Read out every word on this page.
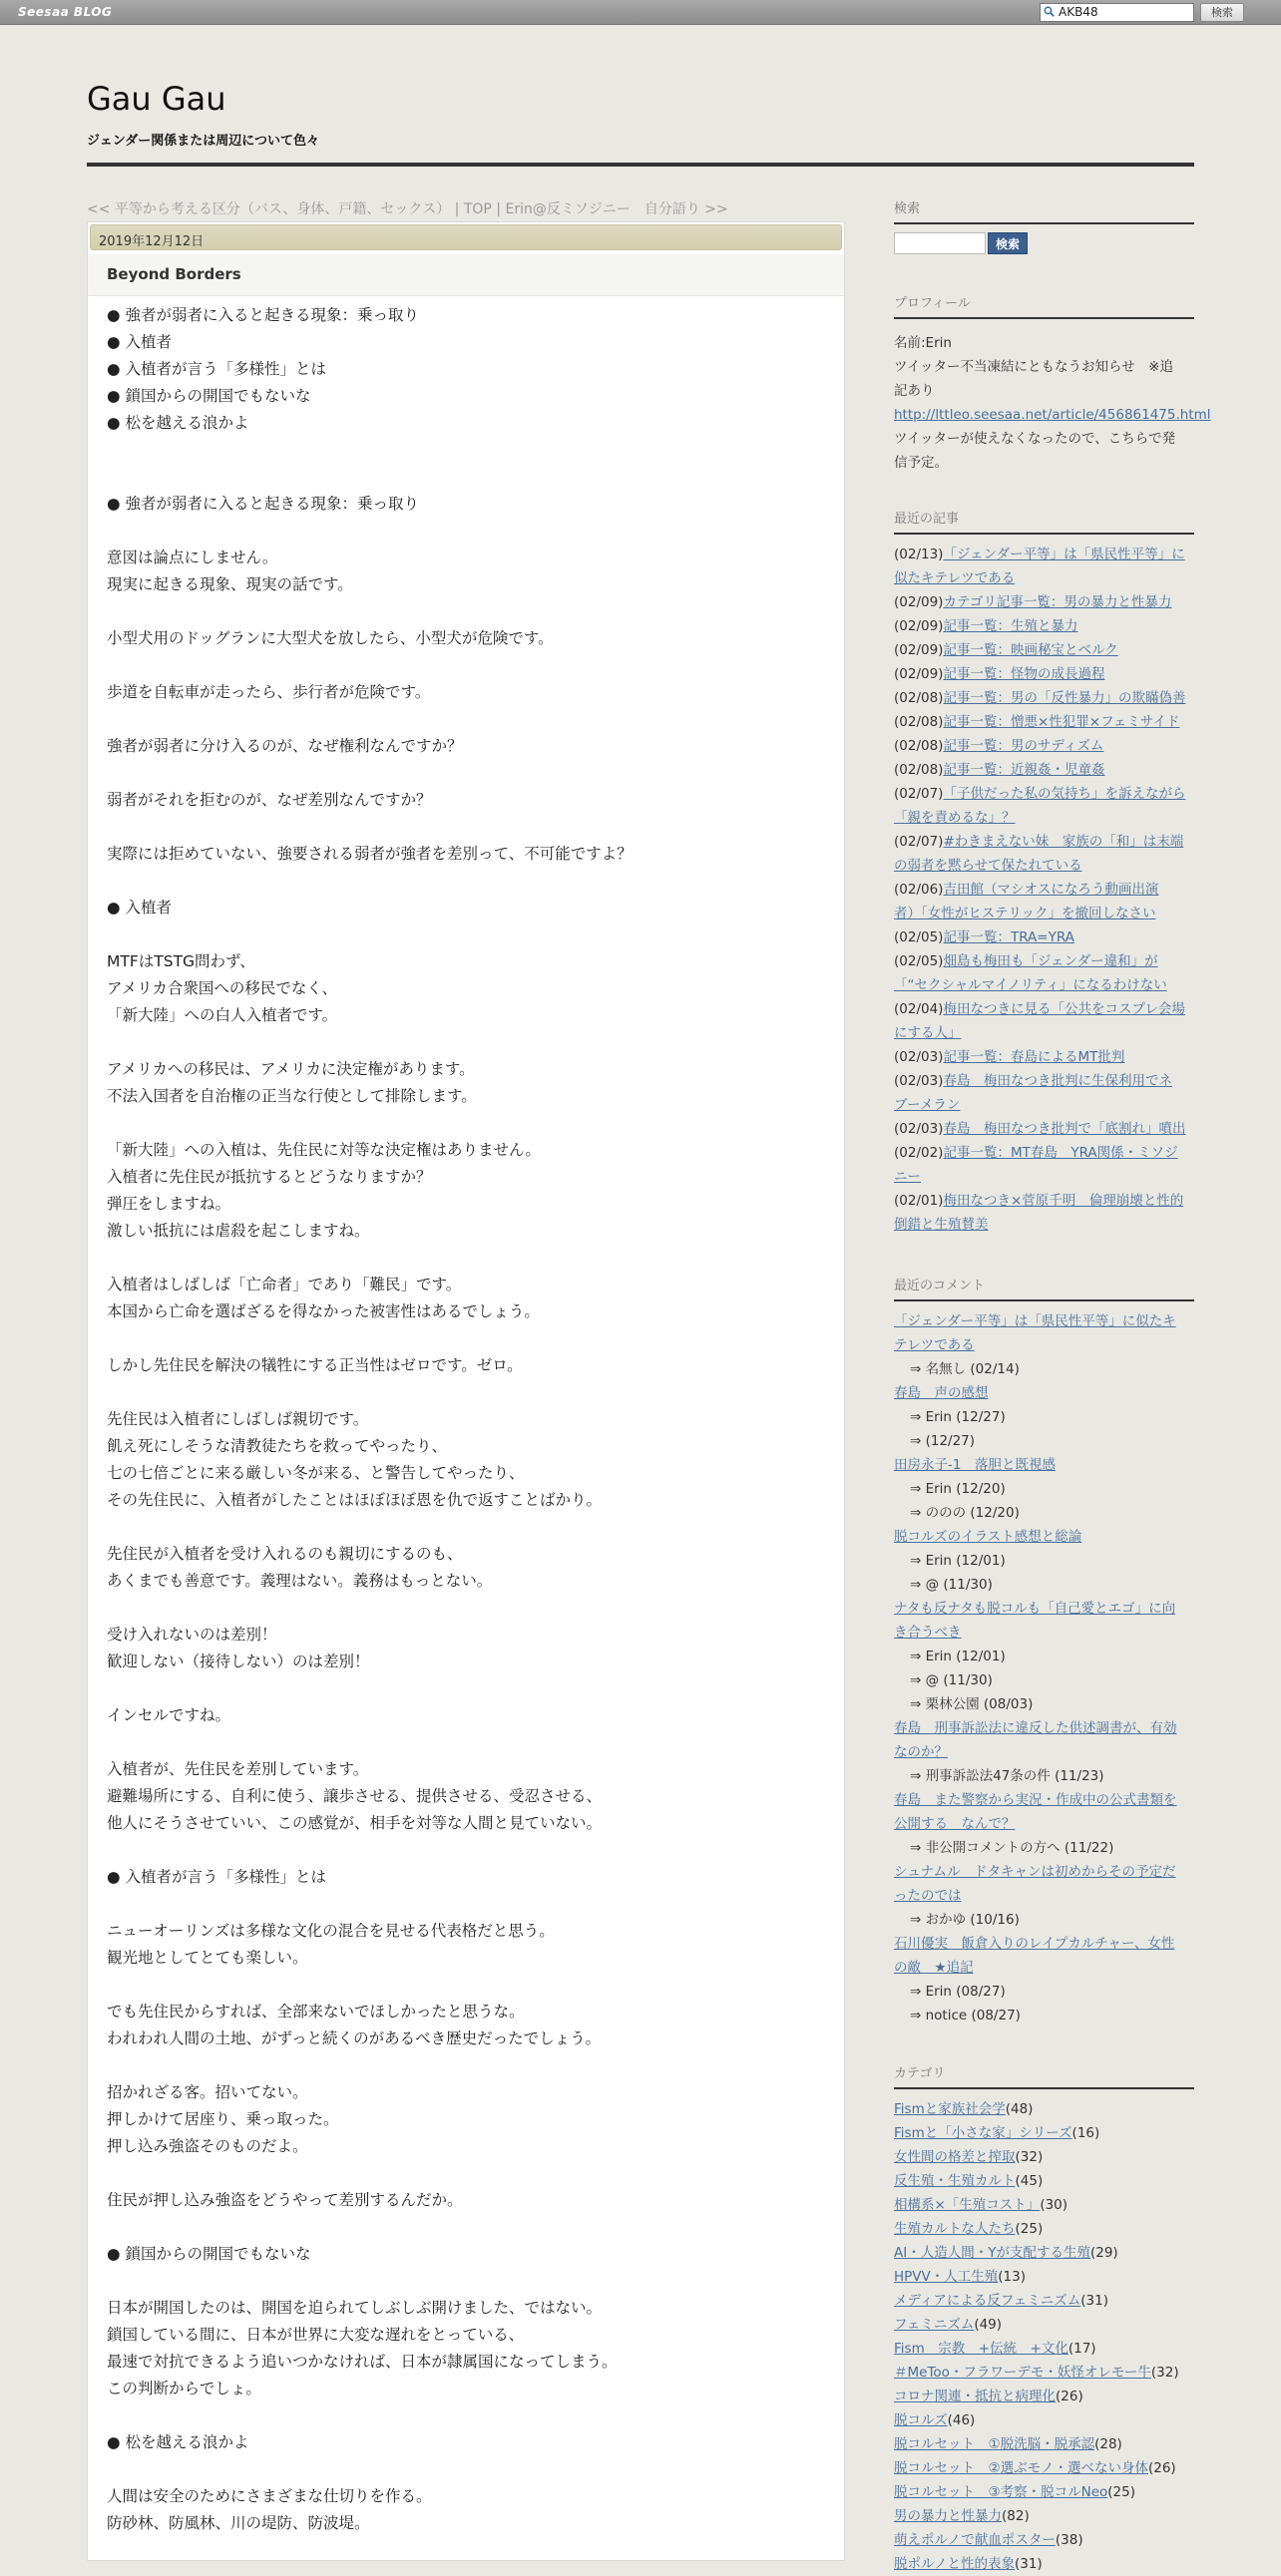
Seesaa BLOG	AKB48	検索
Gau Gau
ジェンダー関係または周辺について色々
<< 平等から考える区分（バス、身体、戸籍、セックス） | TOP | Erin@反ミソジニー　自分語り >>
2019年12月12日
Beyond Borders
● 強者が弱者に入ると起きる現象：乗っ取り
● 入植者
● 入植者が言う「多様性」とは
● 鎖国からの開国でもないな
● 松を越える浪かよ
● 強者が弱者に入ると起きる現象：乗っ取り
意図は論点にしません。
現実に起きる現象、現実の話です。
小型犬用のドッグランに大型犬を放したら、小型犬が危険です。
歩道を自転車が走ったら、歩行者が危険です。
強者が弱者に分け入るのが、なぜ権利なんですか？
弱者がそれを拒むのが、なぜ差別なんですか？
実際には拒めていない、強要される弱者が強者を差別って、不可能ですよ？
● 入植者
MTFはTSTG問わず、
アメリカ合衆国への移民でなく、
「新大陸」への白人入植者です。
アメリカへの移民は、アメリカに決定権があります。
不法入国者を自治権の正当な行使として排除します。
「新大陸」への入植は、先住民に対等な決定権はありません。
入植者に先住民が抵抗するとどうなりますか？
弾圧をしますね。
激しい抵抗には虐殺を起こしますね。
入植者はしばしば「亡命者」であり「難民」です。
本国から亡命を選ばざるを得なかった被害性はあるでしょう。
しかし先住民を解決の犠牲にする正当性はゼロです。ゼロ。
先住民は入植者にしばしば親切です。
飢え死にしそうな清教徒たちを救ってやったり、
七の七倍ごとに来る厳しい冬が来る、と警告してやったり、
その先住民に、入植者がしたことはほぼほぼ恩を仇で返すことばかり。
先住民が入植者を受け入れるのも親切にするのも、
あくまでも善意です。義理はない。義務はもっとない。
受け入れないのは差別！
歓迎しない（接待しない）のは差別！
インセルですね。
入植者が、先住民を差別しています。
避難場所にする、自利に使う、譲歩させる、提供させる、受忍させる、
他人にそうさせていい、この感覚が、相手を対等な人間と見ていない。
● 入植者が言う「多様性」とは
ニューオーリンズは多様な文化の混合を見せる代表格だと思う。
観光地としてとても楽しい。
でも先住民からすれば、全部来ないでほしかったと思うな。
われわれ人間の土地、がずっと続くのがあるべき歴史だったでしょう。
招かれざる客。招いてない。
押しかけて居座り、乗っ取った。
押し込み強盗そのものだよ。
住民が押し込み強盗をどうやって差別するんだか。
● 鎖国からの開国でもないな
日本が開国したのは、開国を迫られてしぶしぶ開けました、ではない。
鎖国している間に、日本が世界に大変な遅れをとっている、
最速で対抗できるよう追いつかなければ、日本が隷属国になってしまう。
この判断からでしょ。
● 松を越える浪かよ
人間は安全のためにさまざまな仕切りを作る。
防砂林、防風林、川の堤防、防波堤。
検索
検索
プロフィール
名前:Erin
ツイッター不当凍結にともなうお知らせ　※追
記あり
http://lttleo.seesaa.net/article/456861475.html
ツイッターが使えなくなったので、こちらで発
信予定。
最近の記事
(02/13)「ジェンダー平等」は「県民性平等」に
似たキテレツである
(02/09)カテゴリ記事一覧：男の暴力と性暴力
(02/09)記事一覧：生殖と暴力
(02/09)記事一覧：映画秘宝とベルク
(02/09)記事一覧：怪物の成長過程
(02/08)記事一覧：男の「反性暴力」の欺瞞偽善
(02/08)記事一覧：憎悪×性犯罪×フェミサイド
(02/08)記事一覧：男のサディズム
(02/08)記事一覧：近親姦・児童姦
(02/07)「子供だった私の気持ち」を訴えながら
「親を責めるな」？
(02/07)#わきまえない妹　家族の「和」は末端
の弱者を黙らせて保たれている
(02/06)吉田館（マシオスになろう動画出演
者）「女性がヒステリック」を撤回しなさい
(02/05)記事一覧：TRA=YRA
(02/05)畑島も梅田も「ジェンダー違和」が
「“セクシャルマイノリティ」になるわけない
(02/04)梅田なつきに見る「公共をコスプレ会場
にする人」
(02/03)記事一覧：春島によるMT批判
(02/03)春島　梅田なつき批判に生保利用でネ
ブーメラン
(02/03)春島　梅田なつき批判で「底割れ」噴出
(02/02)記事一覧：MT春島　YRA関係・ミソジ
ニー
(02/01)梅田なつき×菅原千明　倫理崩壊と性的
倒錯と生殖賛美
最近のコメント
「ジェンダー平等」は「県民性平等」に似たキ
テレツである
⇒ 名無し (02/14)
春島　声の感想
⇒ Erin (12/27)
⇒ (12/27)
田房永子-1　落胆と既視感
⇒ Erin (12/20)
⇒ ののの (12/20)
脱コルズのイラスト感想と総論
⇒ Erin (12/01)
⇒ @ (11/30)
ナタも反ナタも脱コルも「自己愛とエゴ」に向
き合うべき
⇒ Erin (12/01)
⇒ @ (11/30)
⇒ 栗林公園 (08/03)
春島　刑事訴訟法に違反した供述調書が、有効
なのか？
⇒ 刑事訴訟法47条の件 (11/23)
春島　また警察から実況・作成中の公式書類を
公開する　なんで？
⇒ 非公開コメントの方へ (11/22)
シュナムル　ドタキャンは初めからその予定だ
ったのでは
⇒ おかゆ (10/16)
石川優実　飯倉入りのレイプカルチャー、女性
の敵　★追記
⇒ Erin (08/27)
⇒ notice (08/27)
カテゴリ
Fismと家族社会学(48)
Fismと「小さな家」シリーズ(16)
女性間の格差と搾取(32)
反生殖・生殖カルト(45)
相構系×「生殖コスト」(30)
生殖カルトな人たち(25)
AI・人造人間・Yが支配する生殖(29)
HPVV・人工生殖(13)
メディアによる反フェミニズム(31)
フェミニズム(49)
Fism　宗教　+伝統　+文化(17)
＃MeToo・フラワーデモ・妖怪オレモー牛(32)
コロナ関連・抵抗と病理化(26)
脱コルズ(46)
脱コルセット　①脱洗脳・脱承認(28)
脱コルセット　②選ぶモノ・選べない身体(26)
脱コルセット　③考察・脱コルNeo(25)
男の暴力と性暴力(82)
萌えポルノで献血ポスター(38)
脱ポルノと性的表象(31)
